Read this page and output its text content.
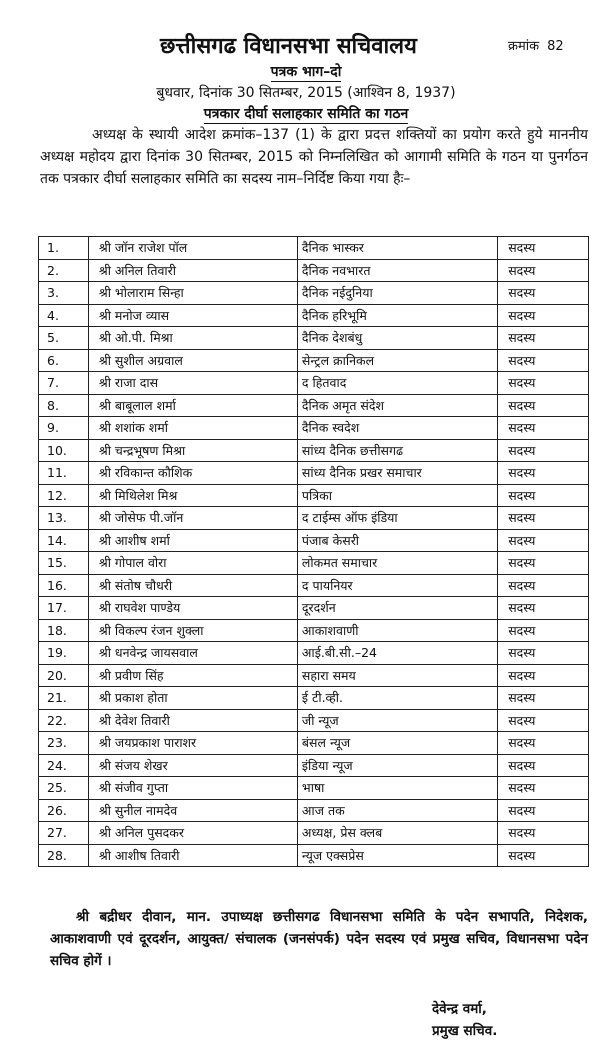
छत्तीसगढ विधानसभा सचिवालय	क्रमांक 82
पत्रक भाग–दो
बुधवार, दिनांक 30 सितम्बर, 2015 (आश्विन 8, 1937)
पत्रकार दीर्घा सलाहकार समिति का गठन

अध्यक्ष के स्थायी आदेश क्रमांक–137 (1) के द्वारा प्रदत्त शक्तियों का प्रयोग करते हुये माननीय अध्यक्ष महोदय द्वारा दिनांक 30 सितम्बर, 2015 को निम्नलिखित को आगामी समिति के गठन या पुनर्गठन तक पत्रकार दीर्घा सलाहकार समिति का सदस्य नाम–निर्दिष्ट किया गया हैः–

1.	श्री जॉन राजेश पॉल	दैनिक भास्कर	सदस्य
2.	श्री अनिल तिवारी	दैनिक नवभारत	सदस्य
3.	श्री भोलाराम सिन्हा	दैनिक नईदुनिया	सदस्य
4.	श्री मनोज व्यास	दैनिक हरिभूमि	सदस्य
5.	श्री ओ.पी. मिश्रा	दैनिक देशबंधु	सदस्य
6.	श्री सुशील अग्रवाल	सेन्ट्रल क्रानिकल	सदस्य
7.	श्री राजा दास	द हितवाद	सदस्य
8.	श्री बाबूलाल शर्मा	दैनिक अमृत संदेश	सदस्य
9.	श्री शशांक शर्मा	दैनिक स्वदेश	सदस्य
10.	श्री चन्द्रभूषण मिश्रा	सांध्य दैनिक छत्तीसगढ	सदस्य
11.	श्री रविकान्त कौशिक	सांध्य दैनिक प्रखर समाचार	सदस्य
12.	श्री मिथिलेश मिश्र	पत्रिका	सदस्य
13.	श्री जोसेफ पी.जॉन	द टाईम्स ऑफ इंडिया	सदस्य
14.	श्री आशीष शर्मा	पंजाब केसरी	सदस्य
15.	श्री गोपाल वोरा	लोकमत समाचार	सदस्य
16.	श्री संतोष चौधरी	द पायनियर	सदस्य
17.	श्री राघवेश पाण्डेय	दूरदर्शन	सदस्य
18.	श्री विकल्प रंजन शुक्ला	आकाशवाणी	सदस्य
19.	श्री धनवेन्द्र जायसवाल	आई.बी.सी.–24	सदस्य
20.	श्री प्रवीण सिंह	सहारा समय	सदस्य
21.	श्री प्रकाश होता	ई टी.व्ही.	सदस्य
22.	श्री देवेश तिवारी	जी न्यूज	सदस्य
23.	श्री जयप्रकाश पाराशर	बंसल न्यूज	सदस्य
24.	श्री संजय शेखर	इंडिया न्यूज	सदस्य
25.	श्री संजीव गुप्ता	भाषा	सदस्य
26.	श्री सुनील नामदेव	आज तक	सदस्य
27.	श्री अनिल पुसदकर	अध्यक्ष, प्रेस क्लब	सदस्य
28.	श्री आशीष तिवारी	न्यूज एक्सप्रेस	सदस्य

श्री बद्रीधर दीवान, मान. उपाध्यक्ष छत्तीसगढ विधानसभा समिति के पदेन सभापति, निदेशक, आकाशवाणी एवं दूरदर्शन, आयुक्त/ संचालक (जनसंपर्क) पदेन सदस्य एवं प्रमुख सचिव, विधानसभा पदेन सचिव होगें ।

देवेन्द्र वर्मा,
प्रमुख सचिव.
